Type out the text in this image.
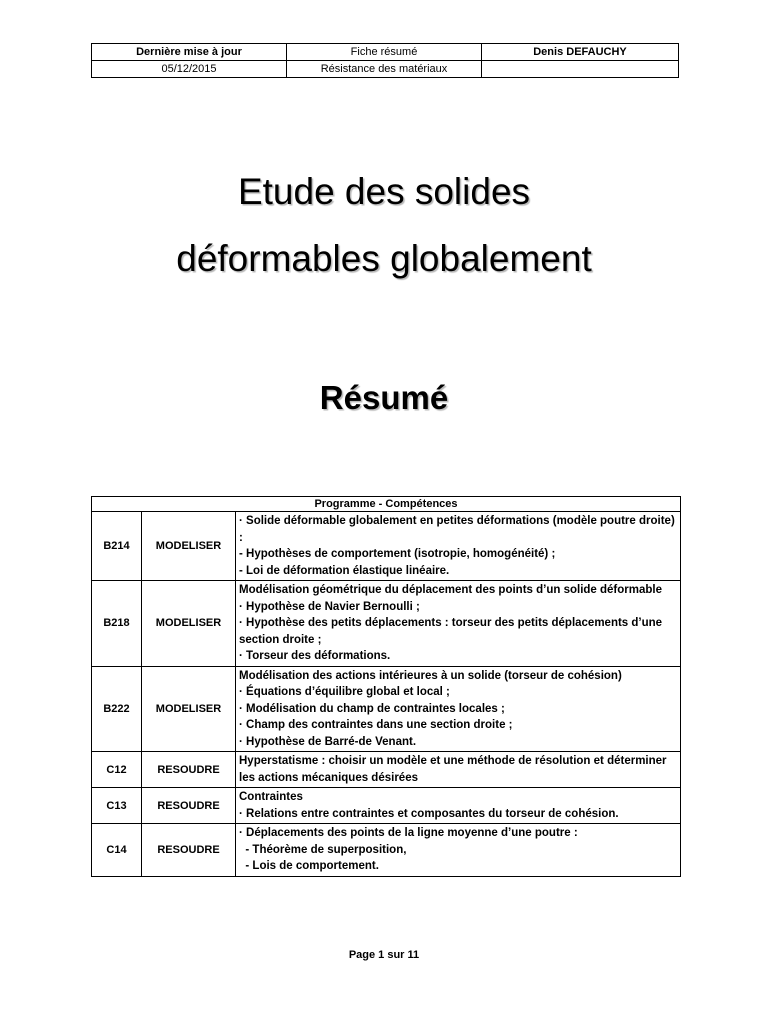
Dernière mise à jour	Fiche résumé	Denis DEFAUCHY
05/12/2015	Résistance des matériaux	
Etude des solides
déformables globalement
Résumé
Programme - Compétences		
B214	MODELISER	· Solide déformable globalement en petites déformations (modèle poutre droite) :
- Hypothèses de comportement (isotropie, homogénéité) ;
- Loi de déformation élastique linéaire.

B218	MODELISER	Modélisation géométrique du déplacement des points d’un solide déformable
· Hypothèse de Navier Bernoulli ;
· Hypothèse des petits déplacements : torseur des petits déplacements d’une section droite ;
· Torseur des déformations.

B222	MODELISER	Modélisation des actions intérieures à un solide (torseur de cohésion)
· Équations d’équilibre global et local ;
· Modélisation du champ de contraintes locales ;
· Champ des contraintes dans une section droite ;
· Hypothèse de Barré-de Venant.

C12	RESOUDRE	Hyperstatisme : choisir un modèle et une méthode de résolution et déterminer les actions mécaniques désirées

C13	RESOUDRE	Contraintes
· Relations entre contraintes et composantes du torseur de cohésion.

C14	RESOUDRE	· Déplacements des points de la ligne moyenne d’une poutre :
- Théorème de superposition,
- Lois de comportement.
Page 1 sur 11
